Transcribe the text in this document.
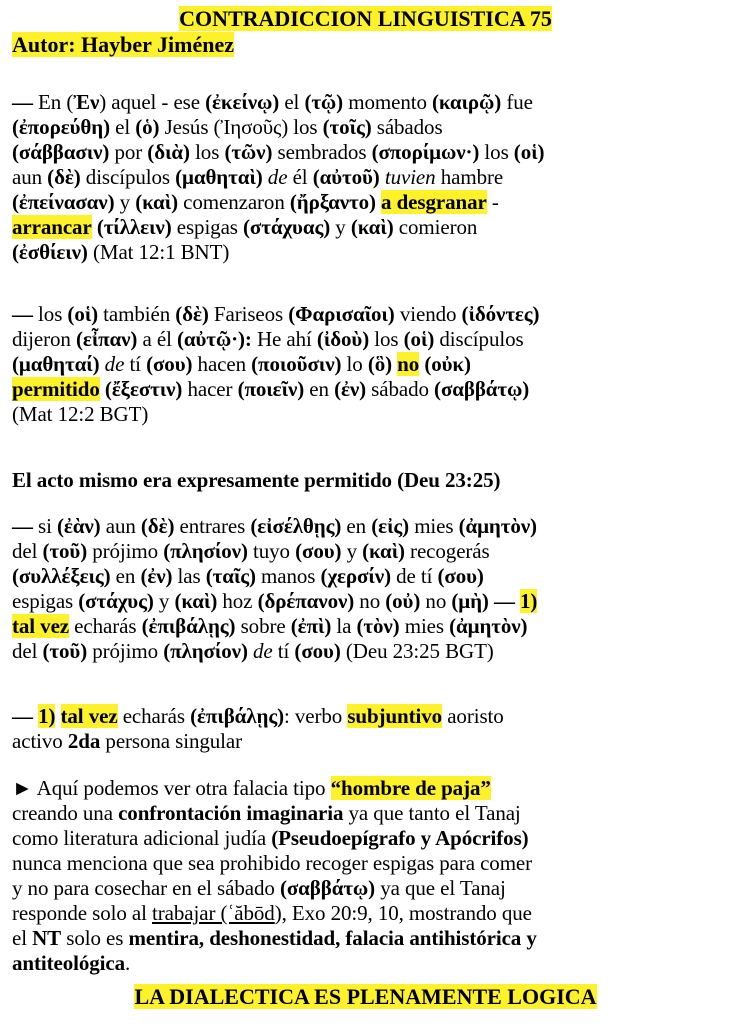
CONTRADICCION LINGUISTICA 75
Autor: Hayber Jiménez

— En (Ἐν) aquel - ese (ἐκείνῳ) el (τῷ) momento (καιρῷ) fue
(ἐπορεύθη) el (ὁ) Jesús (Ἰησοῦς) los (τοῖς) sábados
(σάββασιν) por (διὰ) los (τῶν) sembrados (σπορίμων·) los (οἱ)
aun (δὲ) discípulos (μαθηταὶ) de él (αὐτοῦ) tuvien hambre
(ἐπείνασαν) y (καὶ) comenzaron (ἤρξαντο) a desgranar -
arrancar (τίλλειν) espigas (στάχυας) y (καὶ) comieron
(ἐσθίειν) (Mat 12:1 BNT)

— los (οἱ) también (δὲ) Fariseos (Φαρισαῖοι) viendo (ἰδόντες)
dijeron (εἶπαν) a él (αὐτῷ·): He ahí (ἰδοὺ) los (οἱ) discípulos
(μαθηταί) de tí (σου) hacen (ποιοῦσιν) lo (ὃ) no (οὐκ)
permitido (ἔξεστιν) hacer (ποιεῖν) en (ἐν) sábado (σαββάτῳ)
(Mat 12:2 BGT)

El acto mismo era expresamente permitido (Deu 23:25)

— si (ἐὰν) aun (δὲ) entrares (εἰσέλθῃς) en (εἰς) mies (ἀμητὸν)
del (τοῦ) prójimo (πλησίον) tuyo (σου) y (καὶ) recogerás
(συλλέξεις) en (ἐν) las (ταῖς) manos (χερσίν) de tí (σου)
espigas (στάχυς) y (καὶ) hoz (δρέπανον) no (οὐ) no (μὴ) — 1)
tal vez echarás (ἐπιβάλῃς) sobre (ἐπὶ) la (τὸν) mies (ἀμητὸν)
del (τοῦ) prójimo (πλησίον) de tí (σου) (Deu 23:25 BGT)

— 1) tal vez echarás (ἐπιβάλῃς): verbo subjuntivo aoristo
activo 2da persona singular

► Aquí podemos ver otra falacia tipo “hombre de paja”
creando una confrontación imaginaria ya que tanto el Tanaj
como literatura adicional judía (Pseudoepígrafo y Apócrifos)
nunca menciona que sea prohibido recoger espigas para comer
y no para cosechar en el sábado (σαββάτῳ) ya que el Tanaj
responde solo al trabajar (ʿăbōd), Exo 20:9, 10, mostrando que
el NT solo es mentira, deshonestidad, falacia antihistórica y
antiteológica.

LA DIALECTICA ES PLENAMENTE LOGICA
